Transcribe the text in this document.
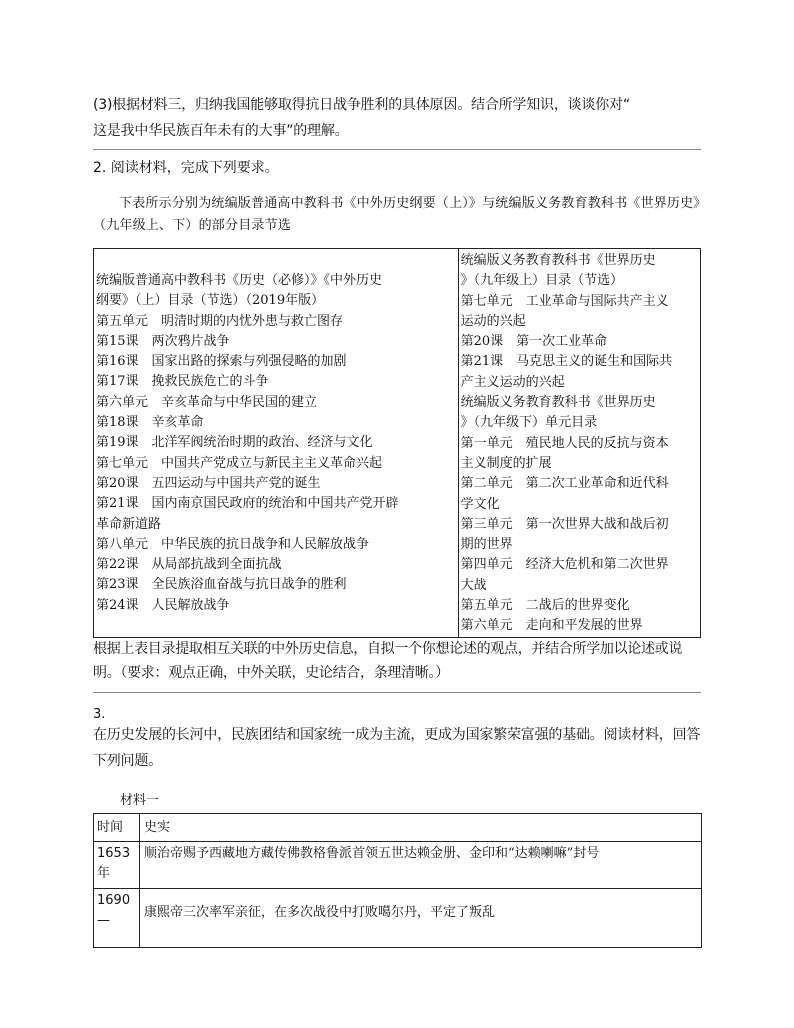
(3)根据材料三，归纳我国能够取得抗日战争胜利的具体原因。结合所学知识，谈谈你对“
这是我中华民族百年未有的大事”的理解。
2. 阅读材料，完成下列要求。
下表所示分别为统编版普通高中教科书《中外历史纲要（上）》与统编版义务教育教科书《世界历史》（九年级上、下）的部分目录节选
统编版普通高中教科书《历史（必修）》《中外历史
纲要》（上）目录（节选）（2019年版）
第五单元　明清时期的内忧外患与救亡图存
第15课　两次鸦片战争
第16课　国家出路的探索与列强侵略的加剧
第17课　挽救民族危亡的斗争
第六单元　辛亥革命与中华民国的建立
第18课　辛亥革命
第19课　北洋军阀统治时期的政治、经济与文化
第七单元　中国共产党成立与新民主主义革命兴起
第20课　五四运动与中国共产党的诞生
第21课　国内南京国民政府的统治和中国共产党开辟
革命新道路
第八单元　中华民族的抗日战争和人民解放战争
第22课　从局部抗战到全面抗战
第23课　全民族浴血奋战与抗日战争的胜利
第24课　人民解放战争

统编版义务教育教科书《世界历史
》（九年级上）目录（节选）
第七单元　工业革命与国际共产主义
运动的兴起
第20课　第一次工业革命
第21课　马克思主义的诞生和国际共
产主义运动的兴起
统编版义务教育教科书《世界历史
》（九年级下）单元目录
第一单元　殖民地人民的反抗与资本
主义制度的扩展
第二单元　第二次工业革命和近代科
学文化
第三单元　第一次世界大战和战后初
期的世界
第四单元　经济大危机和第二次世界
大战
第五单元　二战后的世界变化
第六单元　走向和平发展的世界
根据上表目录提取相互关联的中外历史信息，自拟一个你想论述的观点，并结合所学加以论述或说明。（要求：观点正确，中外关联，史论结合，条理清晰。）
3.
在历史发展的长河中，民族团结和国家统一成为主流，更成为国家繁荣富强的基础。阅读材料，回答下列问题。
材料一
时间	史实
1653年	顺治帝赐予西藏地方藏传佛教格鲁派首领五世达赖金册、金印和“达赖喇嘛”封号
1690—	康熙帝三次率军亲征，在多次战役中打败噶尔丹，平定了叛乱
